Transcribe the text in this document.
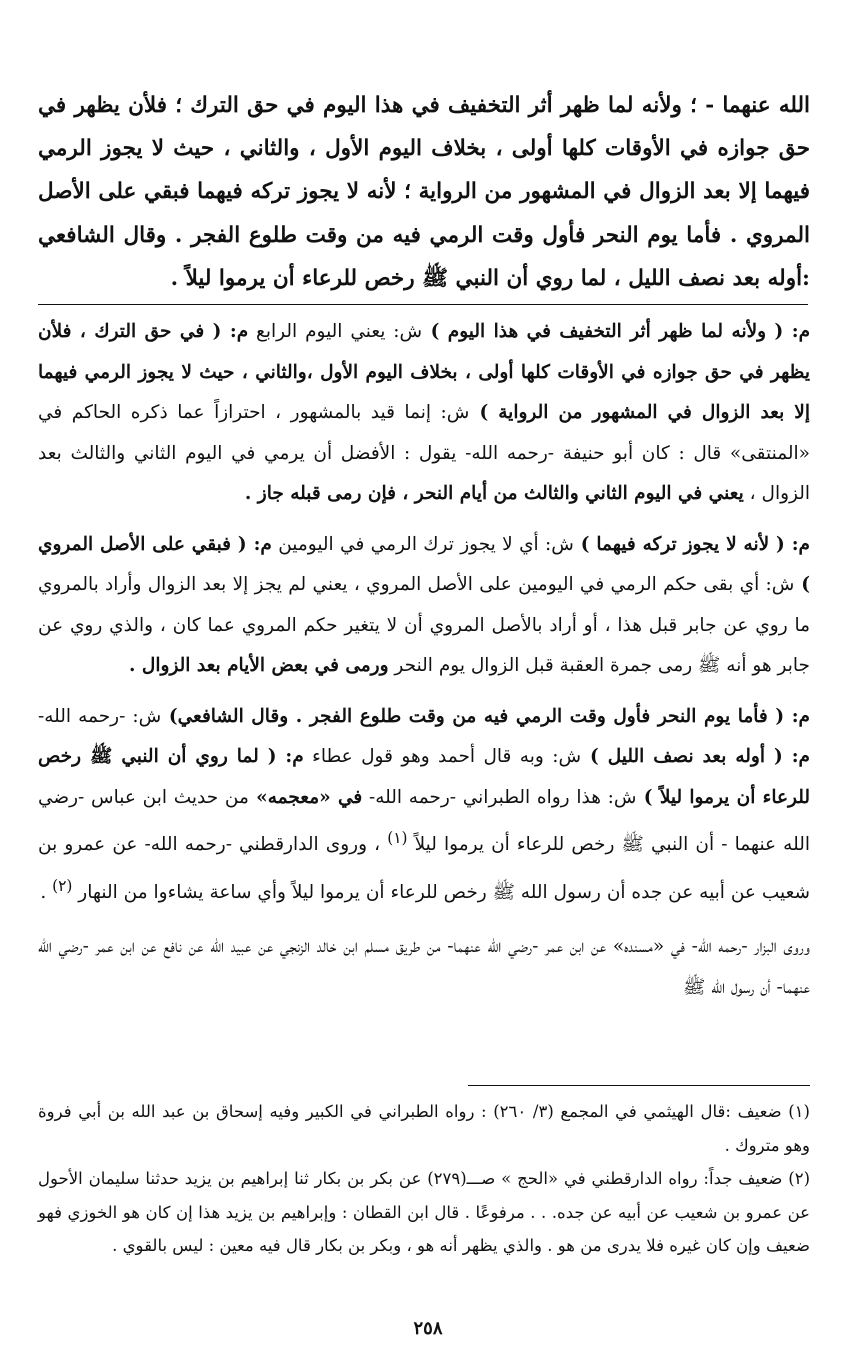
الله عنهما - ؛ ولأنه لما ظهر أثر التخفيف في هذا اليوم في حق الترك ؛ فلأن يظهر في حق جوازه في الأوقات كلها أولى ، بخلاف اليوم الأول ، والثاني ، حيث لا يجوز الرمي فيهما إلا بعد الزوال في المشهور من الرواية ؛ لأنه لا يجوز تركه فيهما فبقي على الأصل المروي . فأما يوم النحر فأول وقت الرمي فيه من وقت طلوع الفجر . وقال الشافعي :أوله بعد نصف الليل ، لما روي أن النبي ﷺ رخص للرعاء أن يرموا ليلاً .

م: ( ولأنه لما ظهر أثر التخفيف في هذا اليوم ) ش: يعني اليوم الرابع م: ( في حق الترك ، فلأن يظهر في حق جوازه في الأوقات كلها أولى ، بخلاف اليوم الأول ،والثاني ، حيث لا يجوز الرمي فيهما إلا بعد الزوال في المشهور من الرواية ) ش: إنما قيد بالمشهور ، احترازاً عما ذكره الحاكم في «المنتقى» قال : كان أبو حنيفة -رحمه الله- يقول : الأفضل أن يرمي في اليوم الثاني والثالث بعد الزوال ، يعني في اليوم الثاني والثالث من أيام النحر ، فإن رمى قبله جاز .

م: ( لأنه لا يجوز تركه فيهما ) ش: أي لا يجوز ترك الرمي في اليومين م: ( فبقي على الأصل المروي ) ش: أي بقى حكم الرمي في اليومين على الأصل المروي ، يعني لم يجز إلا بعد الزوال وأراد بالمروي ما روي عن جابر قبل هذا ، أو أراد بالأصل المروي أن لا يتغير حكم المروي عما كان ، والذي روي عن جابر هو أنه ﷺ رمى جمرة العقبة قبل الزوال يوم النحر ورمى في بعض الأيام بعد الزوال .

م: ( فأما يوم النحر فأول وقت الرمي فيه من وقت طلوع الفجر . وقال الشافعي) ش: -رحمه الله- م: ( أوله بعد نصف الليل ) ش: وبه قال أحمد وهو قول عطاء م: ( لما روي أن النبي ﷺ رخص للرعاء أن يرموا ليلاً ) ش: هذا رواه الطبراني -رحمه الله- في «معجمه» من حديث ابن عباس -رضي الله عنهما - أن النبي ﷺ رخص للرعاء أن يرموا ليلاً $^{(١)}$ ، وروى الدارقطني -رحمه الله- عن عمرو بن شعيب عن أبيه عن جده أن رسول الله ﷺ رخص للرعاء أن يرموا ليلاً وأي ساعة يشاءوا من النهار $^{(٢)}$ .

وروى البزار -رحمه الله- في «مسنده» عن ابن عمر -رضي الله عنهما- من طريق مسلم ابن خالد الزنجي عن عبيد الله عن نافع عن ابن عمر -رضي الله عنهما- أن رسول الله ﷺ

(١) ضعيف :قال الهيثمي في المجمع (٣/ ٢٦٠) : رواه الطبراني في الكبير وفيه إسحاق بن عبد الله بن أبي فروة وهو متروك .

(٢) ضعيف جداً: رواه الدارقطني في «الحج » صـــ(٢٧٩) عن بكر بن بكار ثنا إبراهيم بن يزيد حدثنا سليمان الأحول عن عمرو بن شعيب عن أبيه عن جده. . . مرفوعًا . قال ابن القطان : وإبراهيم بن يزيد هذا إن كان هو الخوزي فهو ضعيف وإن كان غيره فلا يدرى من هو . والذي يظهر أنه هو ، وبكر بن بكار قال فيه معين : ليس بالقوي .

٢٥٨
